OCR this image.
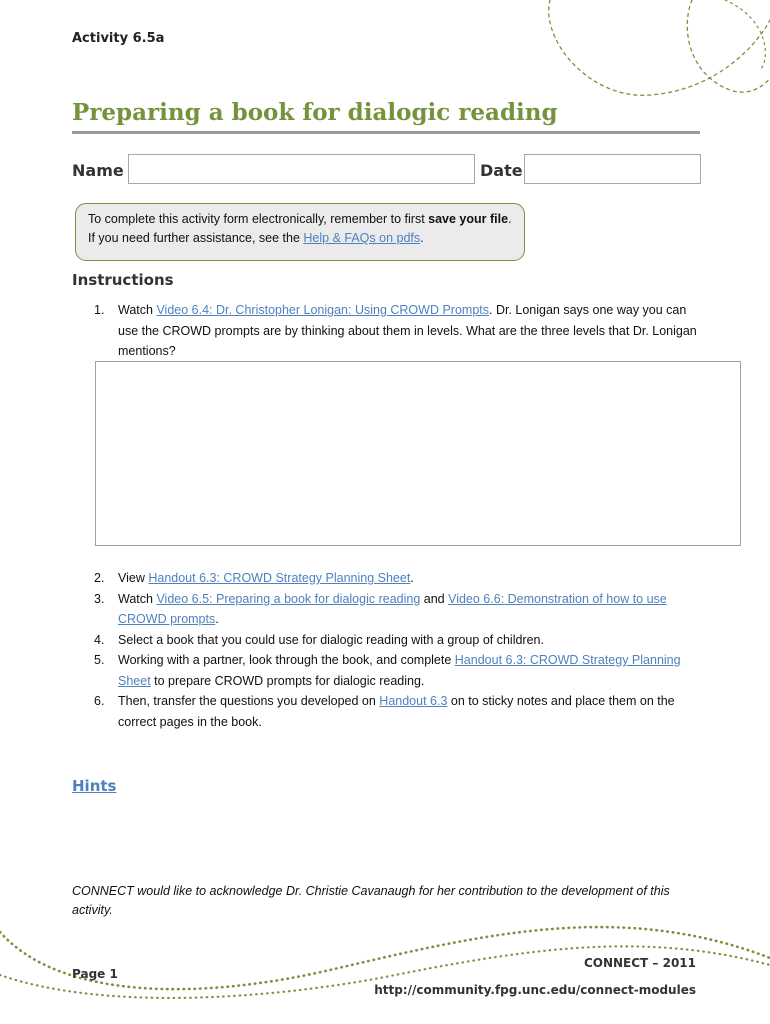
Activity 6.5a
Preparing a book for dialogic reading
Name	Date
To complete this activity form electronically, remember to first save your file.
If you need further assistance, see the Help & FAQs on pdfs.
Instructions
1. Watch Video 6.4: Dr. Christopher Lonigan: Using CROWD Prompts. Dr. Lonigan says one way you can use the CROWD prompts are by thinking about them in levels. What are the three levels that Dr. Lonigan mentions?
2. View Handout 6.3: CROWD Strategy Planning Sheet.
3. Watch Video 6.5: Preparing a book for dialogic reading and Video 6.6: Demonstration of how to use CROWD prompts.
4. Select a book that you could use for dialogic reading with a group of children.
5. Working with a partner, look through the book, and complete Handout 6.3: CROWD Strategy Planning Sheet to prepare CROWD prompts for dialogic reading.
6. Then, transfer the questions you developed on Handout 6.3 on to sticky notes and place them on the correct pages in the book.
Hints
CONNECT would like to acknowledge Dr. Christie Cavanaugh for her contribution to the development of this activity.
Page 1
CONNECT – 2011
http://community.fpg.unc.edu/connect-modules
